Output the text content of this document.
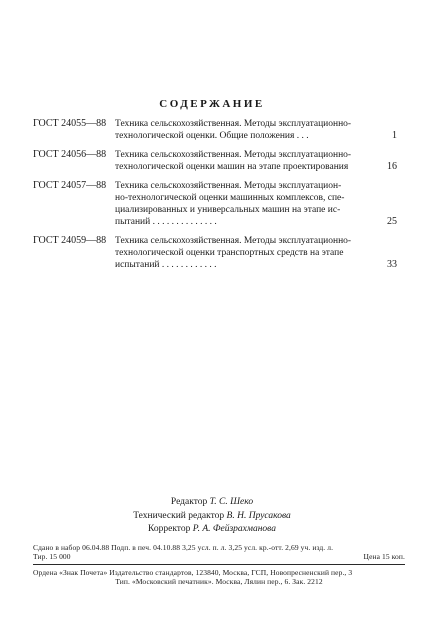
СОДЕРЖАНИЕ
ГОСТ 24055—88 Техника сельскохозяйственная. Методы эксплуатационно-
технологической оценки. Общие положения . . .	1
ГОСТ 24056—88 Техника сельскохозяйственная. Методы эксплуатационно-
технологической оценки машин на этапе проектирования	16
ГОСТ 24057—88 Техника сельскохозяйственная. Методы эксплуатацион-
но-технологической оценки машинных комплексов, спе-
циализированных и универсальных машин на этапе ис-
пытаний . . . . . . . . . . . . . .	25
ГОСТ 24059—88 Техника сельскохозяйственная. Методы эксплуатационно-
технологической оценки транспортных средств на этапе
испытаний . . . . . . . . . . . .	33
Редактор Т. С. Шеко
Технический редактор В. Н. Прусакова
Корректор Р. А. Фейзрахманова
Сдано в набор 06.04.88 Подп. в печ. 04.10.88 3,25 усл. п. л. 3,25 усл. кр.-отт. 2,69 уч. изд. л.
Тир. 15 000	Цена 15 коп.
Ордена «Знак Почета» Издательство стандартов, 123840, Москва, ГСП, Новопресненский пер., 3
Тип. «Московский печатник». Москва, Лялин пер., 6. Зак. 2212
